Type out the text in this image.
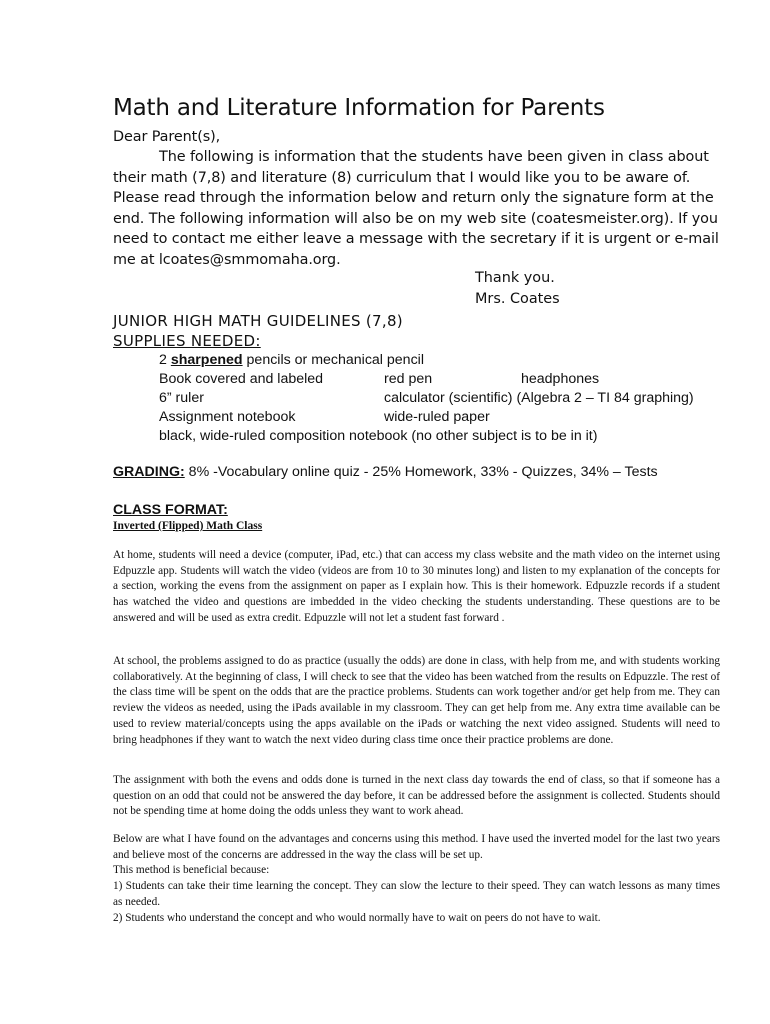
Math and Literature Information for Parents
Dear Parent(s),
The following is information that the students have been given in class about their math (7,8) and literature (8) curriculum that I would like you to be aware of. Please read through the information below and return only the signature form at the end. The following information will also be on my web site (coatesmeister.org). If you need to contact me either leave a message with the secretary if it is urgent or e-mail me at lcoates@smmomaha.org.
Thank you.
Mrs. Coates
JUNIOR HIGH MATH GUIDELINES (7,8)
SUPPLIES NEEDED:
2 sharpened pencils or mechanical pencil
Book covered and labeled	red pen	headphones
6” ruler	calculator (scientific) (Algebra 2 – TI 84 graphing)
Assignment notebook	wide-ruled paper
black, wide-ruled composition notebook (no other subject is to be in it)
GRADING: 8% -Vocabulary online quiz - 25% Homework, 33% - Quizzes, 34% – Tests
CLASS FORMAT:
Inverted (Flipped) Math Class
At home, students will need a device (computer, iPad, etc.) that can access my class website and the math video on the internet using Edpuzzle app. Students will watch the video (videos are from 10 to 30 minutes long) and listen to my explanation of the concepts for a section, working the evens from the assignment on paper as I explain how. This is their homework. Edpuzzle records if a student has watched the video and questions are imbedded in the video checking the students understanding. These questions are to be answered and will be used as extra credit. Edpuzzle will not let a student fast forward .
At school, the problems assigned to do as practice (usually the odds) are done in class, with help from me, and with students working collaboratively. At the beginning of class, I will check to see that the video has been watched from the results on Edpuzzle. The rest of the class time will be spent on the odds that are the practice problems. Students can work together and/or get help from me. They can review the videos as needed, using the iPads available in my classroom. They can get help from me. Any extra time available can be used to review material/concepts using the apps available on the iPads or watching the next video assigned. Students will need to bring headphones if they want to watch the next video during class time once their practice problems are done.
The assignment with both the evens and odds done is turned in the next class day towards the end of class, so that if someone has a question on an odd that could not be answered the day before, it can be addressed before the assignment is collected. Students should not be spending time at home doing the odds unless they want to work ahead.
Below are what I have found on the advantages and concerns using this method. I have used the inverted model for the last two years and believe most of the concerns are addressed in the way the class will be set up.
This method is beneficial because:
1) Students can take their time learning the concept. They can slow the lecture to their speed. They can watch lessons as many times as needed.
2) Students who understand the concept and who would normally have to wait on peers do not have to wait.
